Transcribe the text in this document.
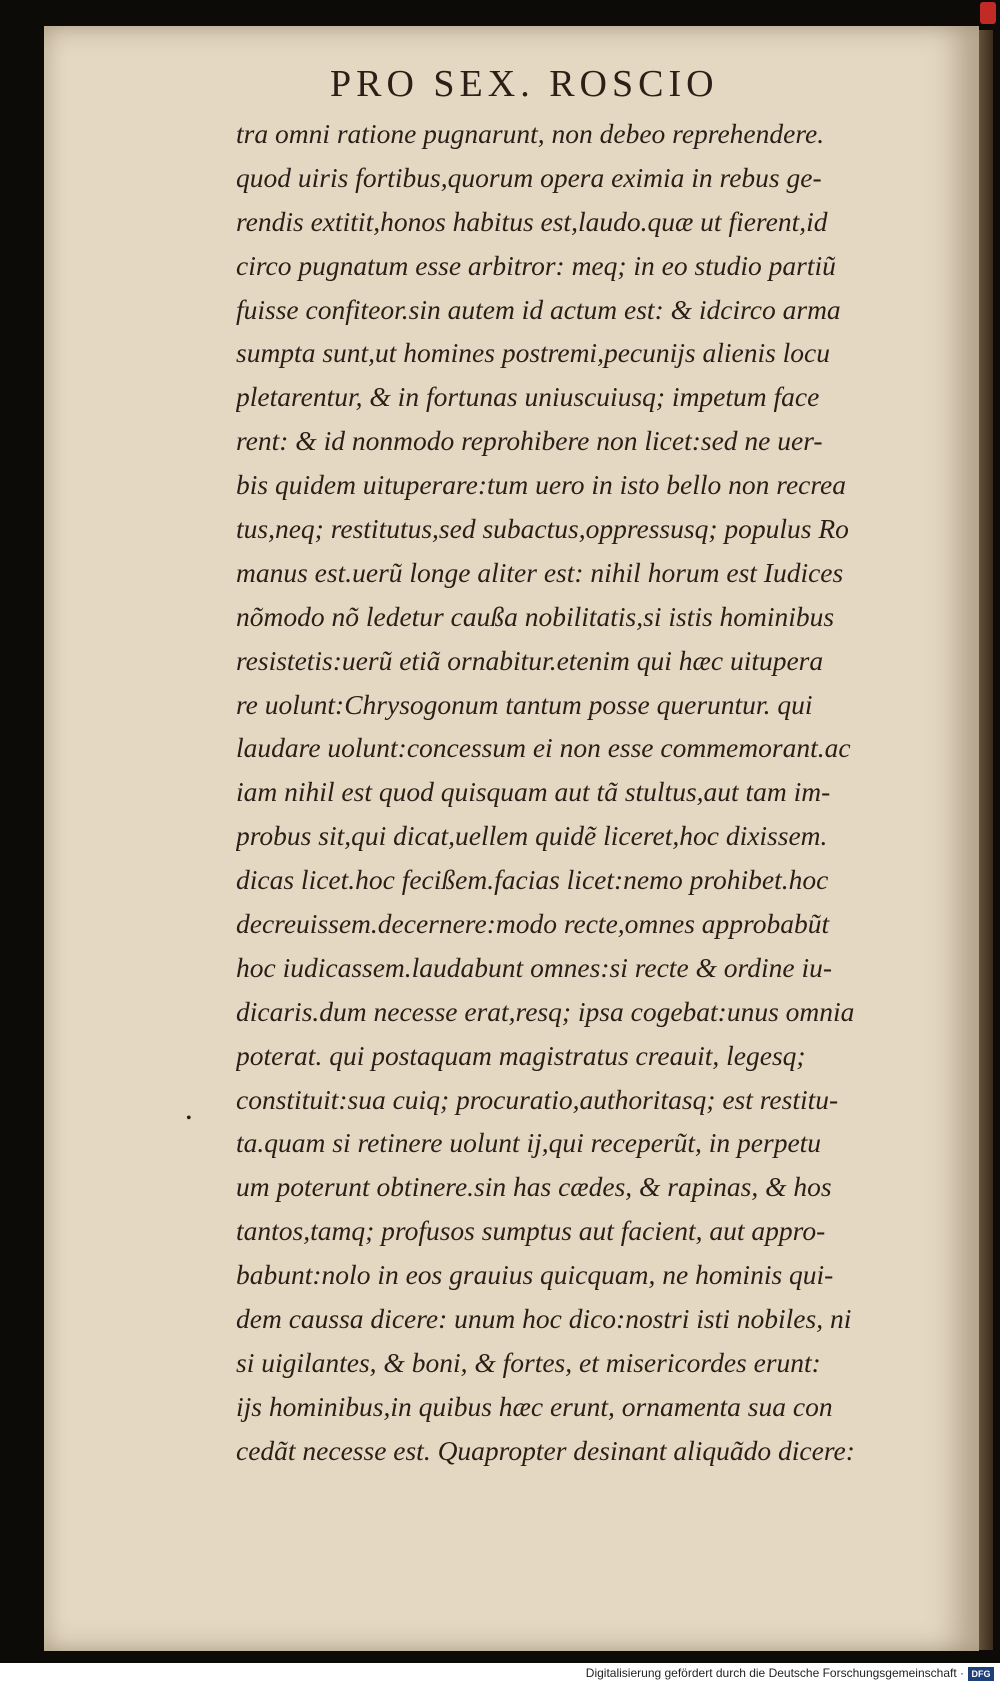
PRO SEX. ROSCIO
tra omni ratione pugnarunt, non debeo reprehendere.
quod uiris fortibus,quorum opera eximia in rebus ge-
rendis extitit,honos habitus est,laudo.quæ ut fierent,id
circo pugnatum esse arbitror: meq; in eo studio partiũ
fuisse confiteor.sin autem id actum est: & idcirco arma
sumpta sunt,ut homines postremi,pecunijs alienis locu
pletarentur, & in fortunas uniuscuiusq; impetum face
rent: & id nonmodo reprohibere non licet:sed ne uer-
bis quidem uituperare:tum uero in isto bello non recrea
tus,neq; restitutus,sed subactus,oppressusq; populus Ro
manus est.uerũ longe aliter est: nihil horum est Iudices
nõmodo nõ ledetur caußa nobilitatis,si istis hominibus
resistetis:uerũ etiã ornabitur.etenim qui hæc uitupera
re uolunt:Chrysogonum tantum posse queruntur. qui
laudare uolunt:concessum ei non esse commemorant.ac
iam nihil est quod quisquam aut tã stultus,aut tam im-
probus sit,qui dicat,uellem quidẽ liceret,hoc dixissem.
dicas licet.hoc fecißem.facias licet:nemo prohibet.hoc
decreuissem.decernere:modo recte,omnes approbabũt
hoc iudicassem.laudabunt omnes:si recte & ordine iu-
dicaris.dum necesse erat,resq; ipsa cogebat:unus omnia
poterat. qui postaquam magistratus creauit, legesq;
constituit:sua cuiq; procuratio,authoritasq; est restitu-
ta.quam si retinere uolunt ij,qui receperũt, in perpetu
um poterunt obtinere.sin has cædes, & rapinas, & hos
tantos,tamq; profusos sumptus aut facient, aut appro-
babunt:nolo in eos grauius quicquam, ne hominis qui-
dem caussa dicere: unum hoc dico:nostri isti nobiles, ni
si uigilantes, & boni, & fortes, et misericordes erunt:
ijs hominibus,in quibus hæc erunt, ornamenta sua con
cedãt necesse est. Quapropter desinant aliquãdo dicere:
•
Digitalisierung gefördert durch die Deutsche Forschungsgemeinschaft · DFG
